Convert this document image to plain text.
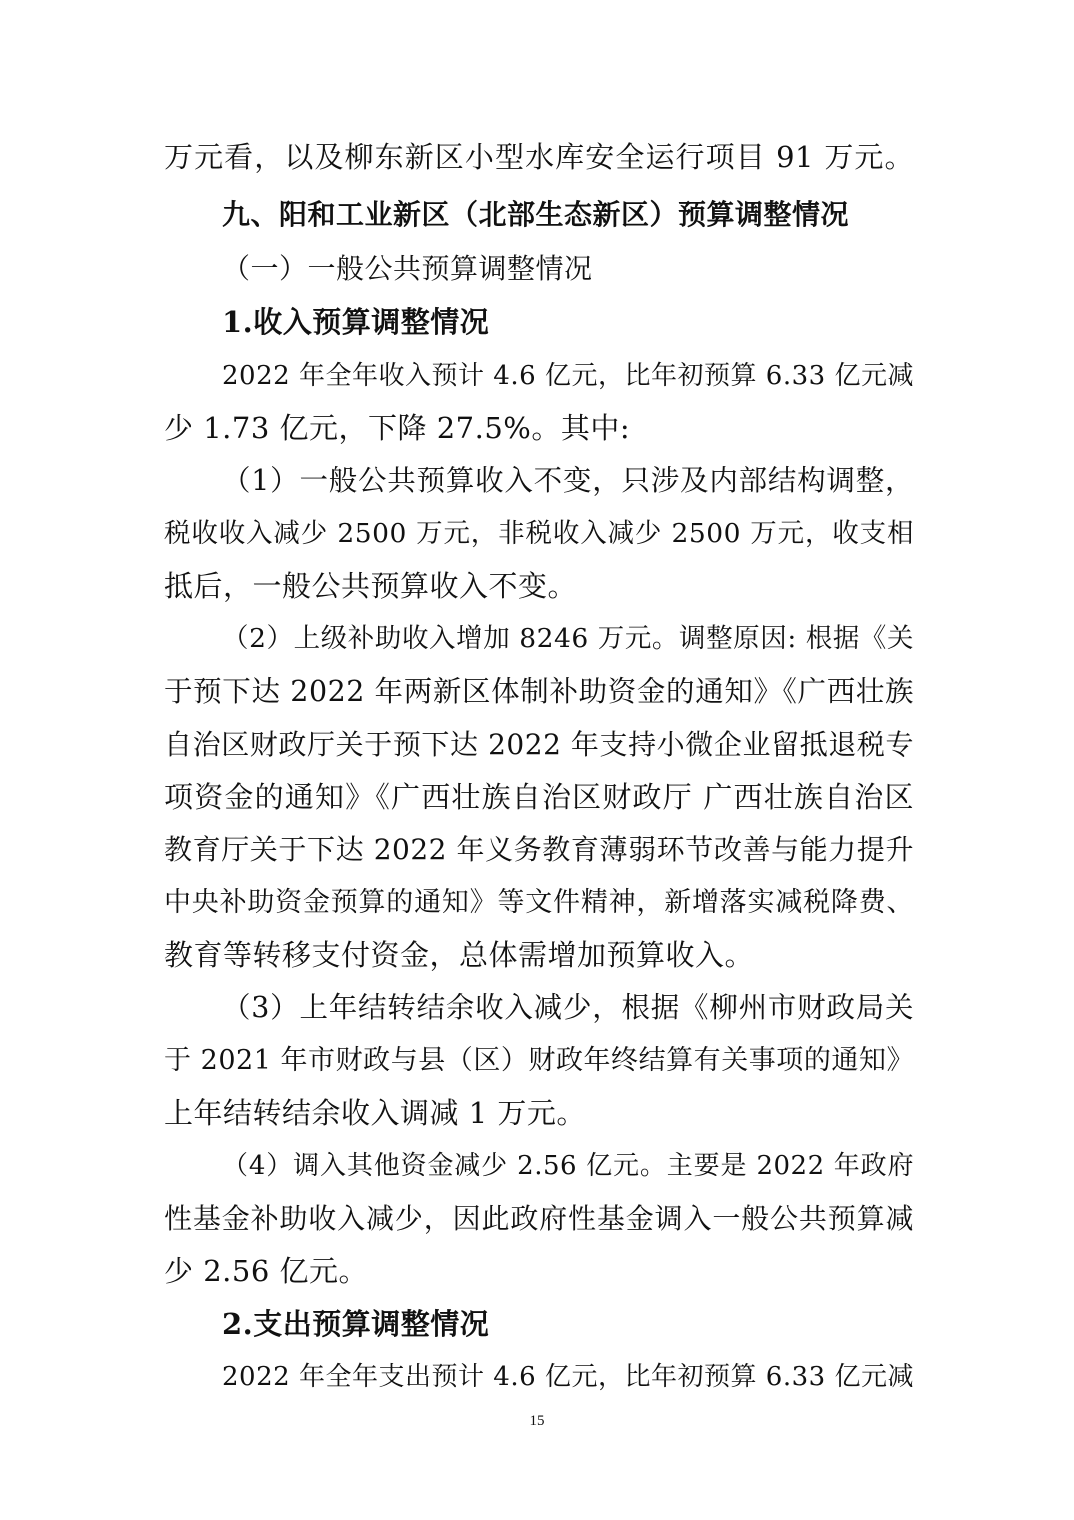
万元看，以及柳东新区小型水库安全运行项目 91 万元。
九、阳和工业新区（北部生态新区）预算调整情况
（一）一般公共预算调整情况
1.收入预算调整情况
2022 年全年收入预计 4.6 亿元，比年初预算 6.33 亿元减
少 1.73 亿元，下降 27.5%。其中:
（1）一般公共预算收入不变，只涉及内部结构调整，
税收收入减少 2500 万元，非税收入减少 2500 万元，收支相
抵后，一般公共预算收入不变。
（2）上级补助收入增加 8246 万元。调整原因: 根据《关
于预下达 2022 年两新区体制补助资金的通知》《广西壮族
自治区财政厅关于预下达 2022 年支持小微企业留抵退税专
项资金的通知》《广西壮族自治区财政厅 广西壮族自治区
教育厅关于下达 2022 年义务教育薄弱环节改善与能力提升
中央补助资金预算的通知》等文件精神，新增落实减税降费、
教育等转移支付资金，总体需增加预算收入。
（3）上年结转结余收入减少，根据《柳州市财政局关
于 2021 年市财政与县（区）财政年终结算有关事项的通知》
上年结转结余收入调减 1 万元。
（4）调入其他资金减少 2.56 亿元。主要是 2022 年政府
性基金补助收入减少，因此政府性基金调入一般公共预算减
少 2.56 亿元。
2.支出预算调整情况
2022 年全年支出预计 4.6 亿元，比年初预算 6.33 亿元减
15
